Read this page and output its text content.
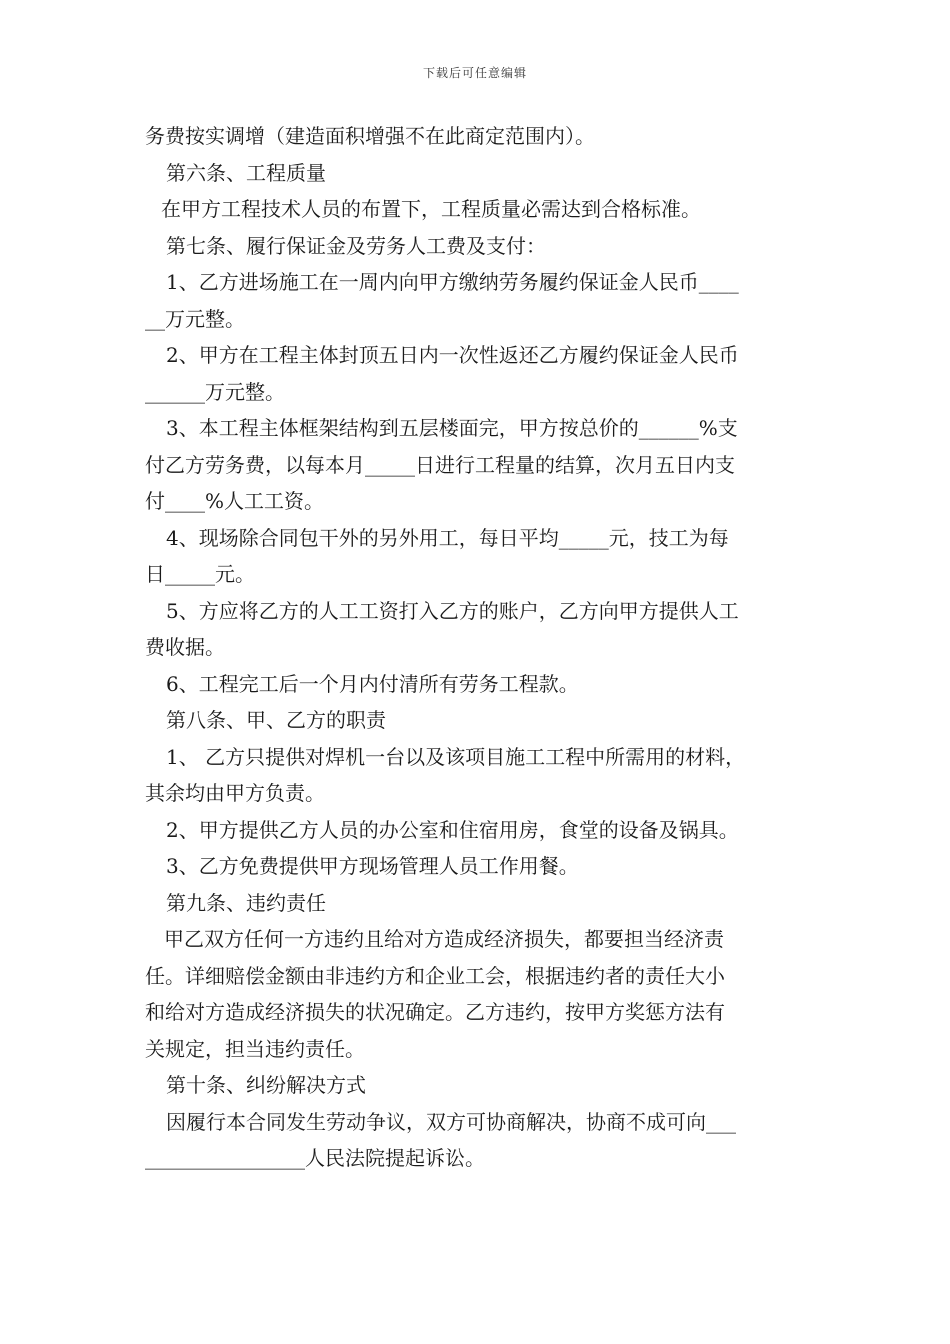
下载后可任意编辑
务费按实调增（建造面积增强不在此商定范围内）。
第六条、工程质量
在甲方工程技术人员的布置下，工程质量必需达到合格标准。
第七条、履行保证金及劳务人工费及支付：
1、乙方进场施工在一周内向甲方缴纳劳务履约保证金人民币____
__万元整。
2、甲方在工程主体封顶五日内一次性返还乙方履约保证金人民币
______万元整。
3、本工程主体框架结构到五层楼面完，甲方按总价的______%支
付乙方劳务费，以每本月_____日进行工程量的结算，次月五日内支
付____%人工工资。
4、现场除合同包干外的另外用工，每日平均_____元，技工为每
日_____元。
5、方应将乙方的人工工资打入乙方的账户，乙方向甲方提供人工
费收据。
6、工程完工后一个月内付清所有劳务工程款。
第八条、甲、乙方的职责
1、 乙方只提供对焊机一台以及该项目施工工程中所需用的材料，
其余均由甲方负责。
2、甲方提供乙方人员的办公室和住宿用房，食堂的设备及锅具。
3、乙方免费提供甲方现场管理人员工作用餐。
第九条、违约责任
甲乙双方任何一方违约且给对方造成经济损失，都要担当经济责
任。详细赔偿金额由非违约方和企业工会，根据违约者的责任大小
和给对方造成经济损失的状况确定。乙方违约，按甲方奖惩方法有
关规定，担当违约责任。
第十条、纠纷解决方式
因履行本合同发生劳动争议，双方可协商解决，协商不成可向___
________________人民法院提起诉讼。
